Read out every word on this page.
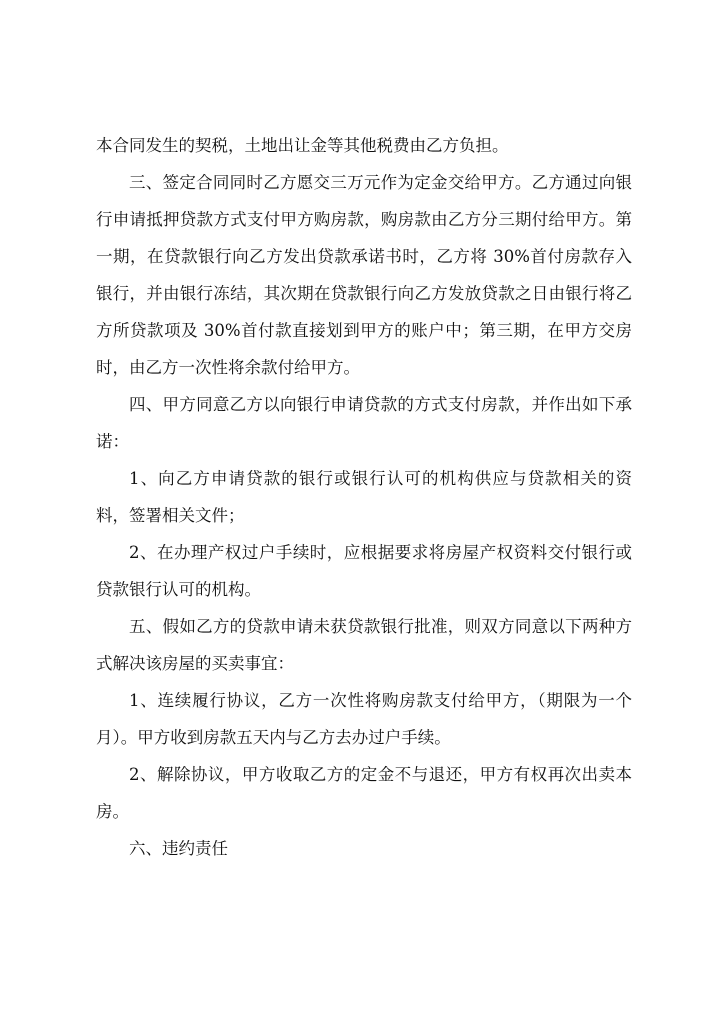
本合同发生的契税，土地出让金等其他税费由乙方负担。

三、签定合同同时乙方愿交三万元作为定金交给甲方。乙方通过向银行申请抵押贷款方式支付甲方购房款，购房款由乙方分三期付给甲方。第一期，在贷款银行向乙方发出贷款承诺书时，乙方将 30%首付房款存入银行，并由银行冻结，其次期在贷款银行向乙方发放贷款之日由银行将乙方所贷款项及 30%首付款直接划到甲方的账户中；第三期，在甲方交房时，由乙方一次性将余款付给甲方。

四、甲方同意乙方以向银行申请贷款的方式支付房款，并作出如下承诺：

1、向乙方申请贷款的银行或银行认可的机构供应与贷款相关的资料，签署相关文件；

2、在办理产权过户手续时，应根据要求将房屋产权资料交付银行或贷款银行认可的机构。

五、假如乙方的贷款申请未获贷款银行批准，则双方同意以下两种方式解决该房屋的买卖事宜：

1、连续履行协议，乙方一次性将购房款支付给甲方，（期限为一个月）。甲方收到房款五天内与乙方去办过户手续。

2、解除协议，甲方收取乙方的定金不与退还，甲方有权再次出卖本房。

六、违约责任
